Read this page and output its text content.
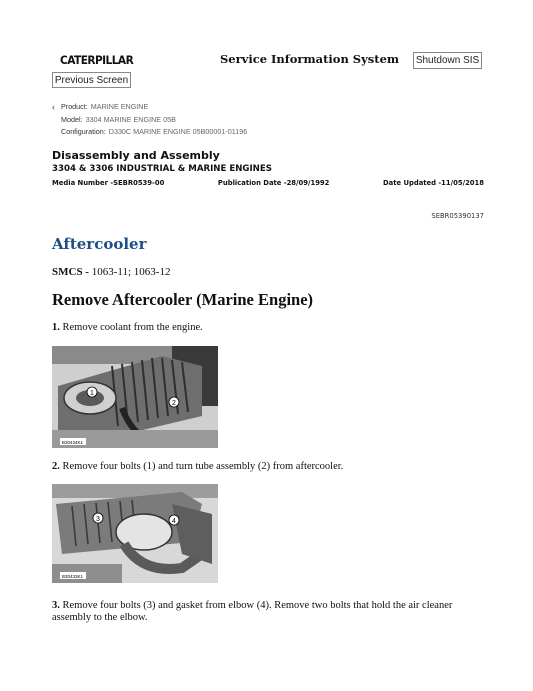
CATERPILLAR	Service Information System Shutdown SIS
Previous Screen
‹ Product: MARINE ENGINE
Model: 3304 MARINE ENGINE 05B
Configuration: D330C MARINE ENGINE 05B00001-01196
Disassembly and Assembly
3304 & 3306 INDUSTRIAL & MARINE ENGINES
Media Number -SEBR0539-00	Publication Date -28/09/1992	Date Updated -11/05/2018
SEBR05390137
Aftercooler
SMCS - 1063-11; 1063-12
Remove Aftercooler (Marine Engine)
1. Remove coolant from the engine.
1
2
B30434K1
2. Remove four bolts (1) and turn tube assembly (2) from aftercooler.
3	4
B30433K1
3. Remove four bolts (3) and gasket from elbow (4). Remove two bolts that hold the air cleaner assembly to the elbow.
